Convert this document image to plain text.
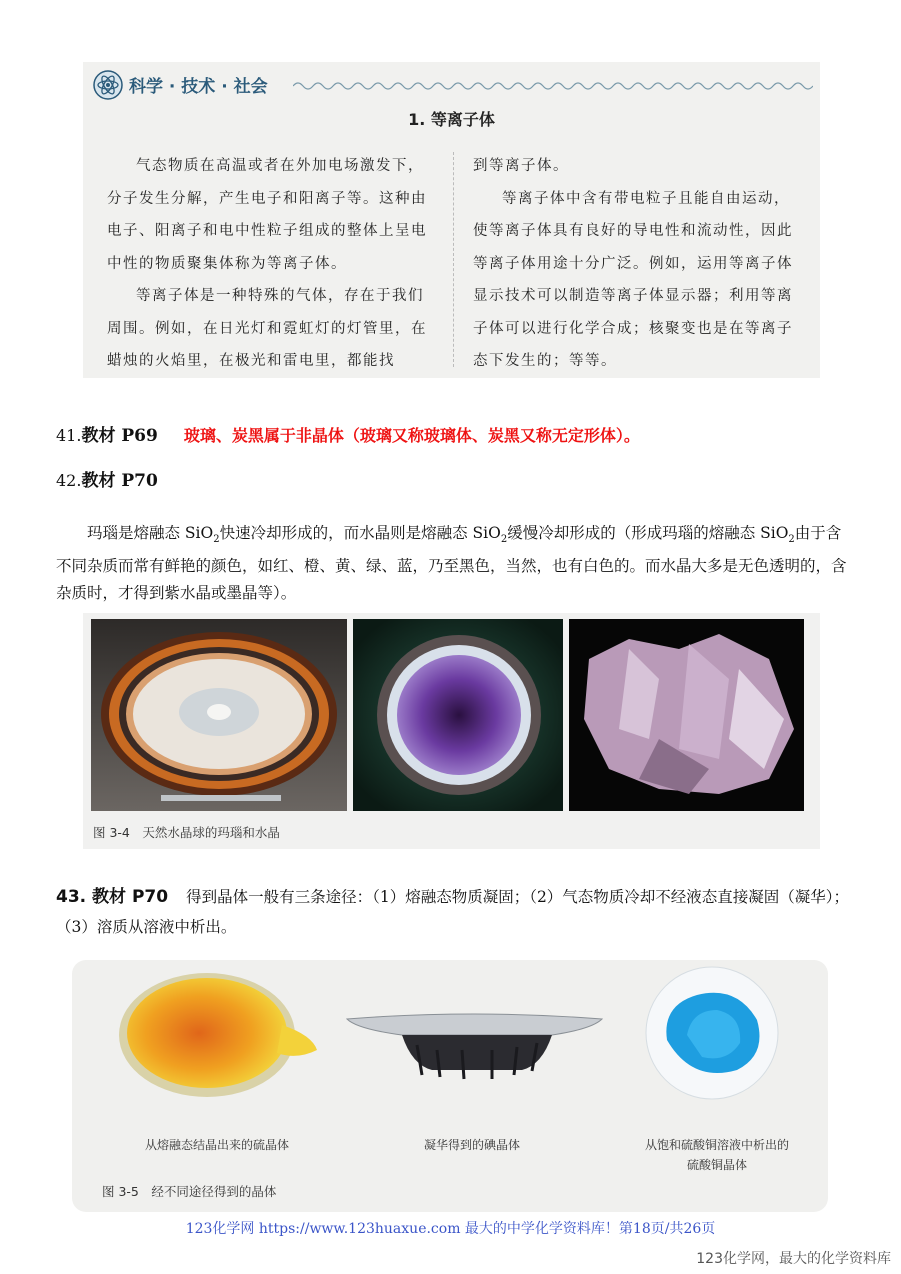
科学 · 技术 · 社会
1. 等离子体

气态物质在高温或者在外加电场激发下，分子发生分解，产生电子和阳离子等。这种由电子、阳离子和电中性粒子组成的整体上呈电中性的物质聚集体称为等离子体。

等离子体是一种特殊的气体，存在于我们周围。例如，在日光灯和霓虹灯的灯管里，在蜡烛的火焰里，在极光和雷电里，都能找

到等离子体。

等离子体中含有带电粒子且能自由运动，使等离子体具有良好的导电性和流动性，因此等离子体用途十分广泛。例如，运用等离子体显示技术可以制造等离子体显示器；利用等离子体可以进行化学合成；核聚变也是在等离子态下发生的；等等。

41.教材 P69 玻璃、炭黑属于非晶体（玻璃又称玻璃体、炭黑又称无定形体）。
42.教材 P70

玛瑙是熔融态 SiO$_2$快速冷却形成的，而水晶则是熔融态 SiO$_2$缓慢冷却形成的（形成玛瑙的熔融态 SiO$_2$由于含不同杂质而常有鲜艳的颜色，如红、橙、黄、绿、蓝，乃至黑色，当然，也有白色的。而水晶大多是无色透明的，含杂质时，才得到紫水晶或墨晶等）。

图 3-4　天然水晶球的玛瑙和水晶

43. 教材 P70 得到晶体一般有三条途径：（1）熔融态物质凝固；（2）气态物质冷却不经液态直接凝固（凝华）；（3）溶质从溶液中析出。

从熔融态结晶出来的硫晶体	凝华得到的碘晶体	从饱和硫酸铜溶液中析出的
硫酸铜晶体
图 3-5　经不同途径得到的晶体
123化学网 https://www.123huaxue.com 最大的中学化学资料库！第18页/共26页
123化学网，最大的化学资料库
